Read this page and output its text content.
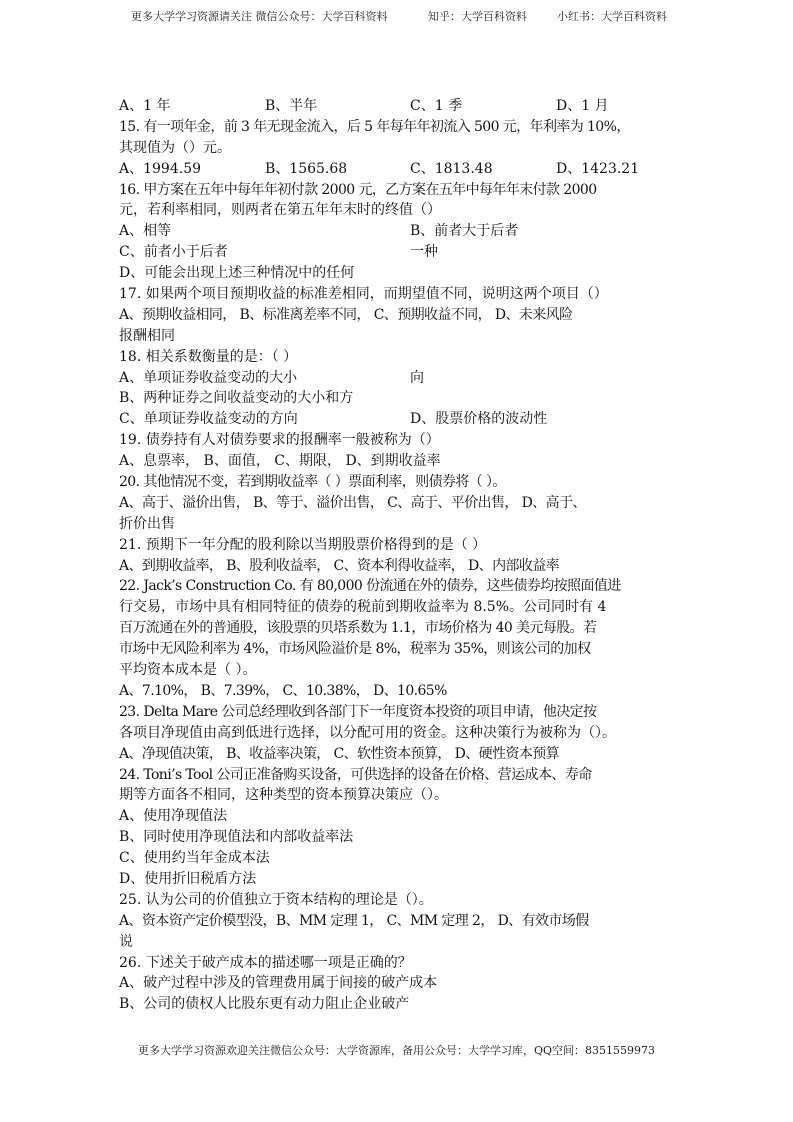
更多大学学习资源请关注 微信公众号：大学百科资料	知乎：大学百科资料	小红书：大学百科资料
A、1 年	B、半年	C、1 季	D、1 月
15. 有一项年金，前 3 年无现金流入，后 5 年每年年初流入 500 元，年利率为 10%，
其现值为（）元。
A、1994.59	B、1565.68	C、1813.48	D、1423.21
16. 甲方案在五年中每年年初付款 2000 元，乙方案在五年中每年年末付款 2000
元，若利率相同，则两者在第五年年末时的终值（）
A、相等	B、前者大于后者
C、前者小于后者	一种
D、可能会出现上述三种情况中的任何
17. 如果两个项目预期收益的标准差相同，而期望值不同，说明这两个项目（）
A、预期收益相同， B、标准离差率不同， C、预期收益不同， D、未来风险
报酬相同
18. 相关系数衡量的是：（ ）
A、单项证券收益变动的大小	向
B、两种证券之间收益变动的大小和方
C、单项证券收益变动的方向	D、股票价格的波动性
19. 债券持有人对债券要求的报酬率一般被称为（）
A、息票率， B、面值， C、期限， D、到期收益率
20. 其他情况不变，若到期收益率（ ）票面利率，则债券将（ ）。
A、高于、溢价出售， B、等于、溢价出售， C、高于、平价出售， D、高于、
折价出售
21. 预期下一年分配的股利除以当期股票价格得到的是（ ）
A、到期收益率， B、股利收益率， C、资本利得收益率， D、内部收益率
22. Jack’s Construction Co. 有 80,000 份流通在外的债券，这些债券均按照面值进
行交易，市场中具有相同特征的债券的税前到期收益率为 8.5%。公司同时有 4
百万流通在外的普通股，该股票的贝塔系数为 1.1，市场价格为 40 美元每股。若
市场中无风险利率为 4%，市场风险溢价是 8%，税率为 35%，则该公司的加权
平均资本成本是（ ）。
A、7.10%， B、7.39%， C、10.38%， D、10.65%
23. Delta Mare 公司总经理收到各部门下一年度资本投资的项目申请，他决定按
各项目净现值由高到低进行选择，以分配可用的资金。这种决策行为被称为（）。
A、净现值决策， B、收益率决策， C、软性资本预算， D、硬性资本预算
24. Toni’s Tool 公司正准备购买设备，可供选择的设备在价格、营运成本、寿命
期等方面各不相同，这种类型的资本预算决策应（）。
A、使用净现值法
B、同时使用净现值法和内部收益率法
C、使用约当年金成本法
D、使用折旧税盾方法
25. 认为公司的价值独立于资本结构的理论是（）。
A、资本资产定价模型没，B、MM 定理 1， C、MM 定理 2， D、有效市场假
说
26. 下述关于破产成本的描述哪一项是正确的？
A、破产过程中涉及的管理费用属于间接的破产成本
B、公司的债权人比股东更有动力阻止企业破产
更多大学学习资源欢迎关注微信公众号：大学资源库，备用公众号：大学学习库，QQ空间：8351559973
